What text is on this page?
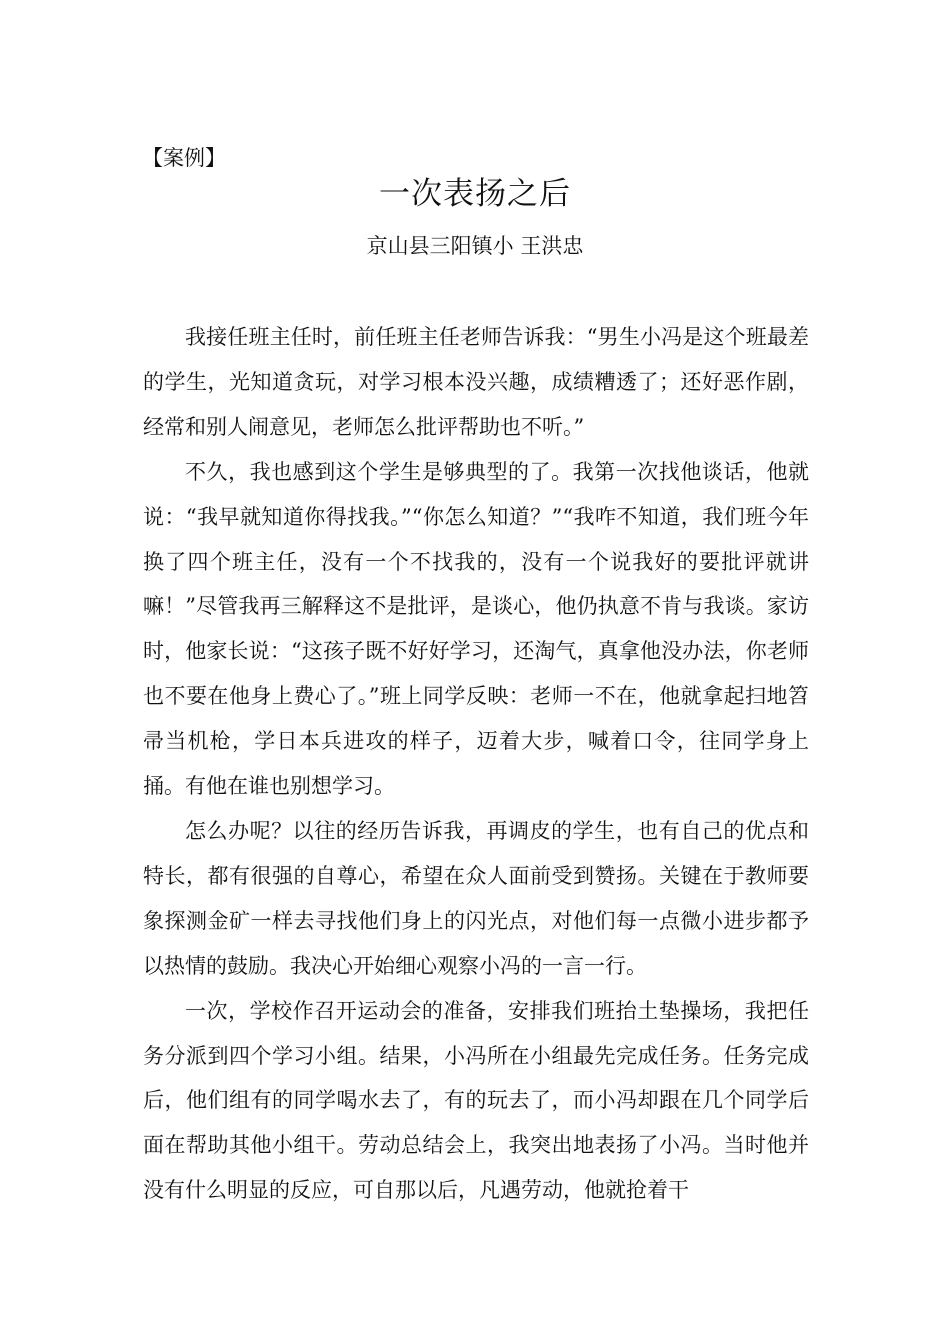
【案例】
一次表扬之后
京山县三阳镇小 王洪忠

我接任班主任时，前任班主任老师告诉我：“男生小冯是这个班最差的学生，光知道贪玩，对学习根本没兴趣，成绩糟透了；还好恶作剧，经常和别人闹意见，老师怎么批评帮助也不听。”

不久，我也感到这个学生是够典型的了。我第一次找他谈话，他就说：“我早就知道你得找我。”“你怎么知道？”“我咋不知道，我们班今年换了四个班主任，没有一个不找我的，没有一个说我好的要批评就讲嘛！”尽管我再三解释这不是批评，是谈心，他仍执意不肯与我谈。家访时，他家长说：“这孩子既不好好学习，还淘气，真拿他没办法，你老师也不要在他身上费心了。”班上同学反映：老师一不在，他就拿起扫地笤帚当机枪，学日本兵进攻的样子，迈着大步，喊着口令，往同学身上捅。有他在谁也别想学习。

怎么办呢？以往的经历告诉我，再调皮的学生，也有自己的优点和特长，都有很强的自尊心，希望在众人面前受到赞扬。关键在于教师要象探测金矿一样去寻找他们身上的闪光点，对他们每一点微小进步都予以热情的鼓励。我决心开始细心观察小冯的一言一行。

一次，学校作召开运动会的准备，安排我们班抬土垫操场，我把任务分派到四个学习小组。结果，小冯所在小组最先完成任务。任务完成后，他们组有的同学喝水去了，有的玩去了，而小冯却跟在几个同学后面在帮助其他小组干。劳动总结会上，我突出地表扬了小冯。当时他并没有什么明显的反应，可自那以后，凡遇劳动，他就抢着干
